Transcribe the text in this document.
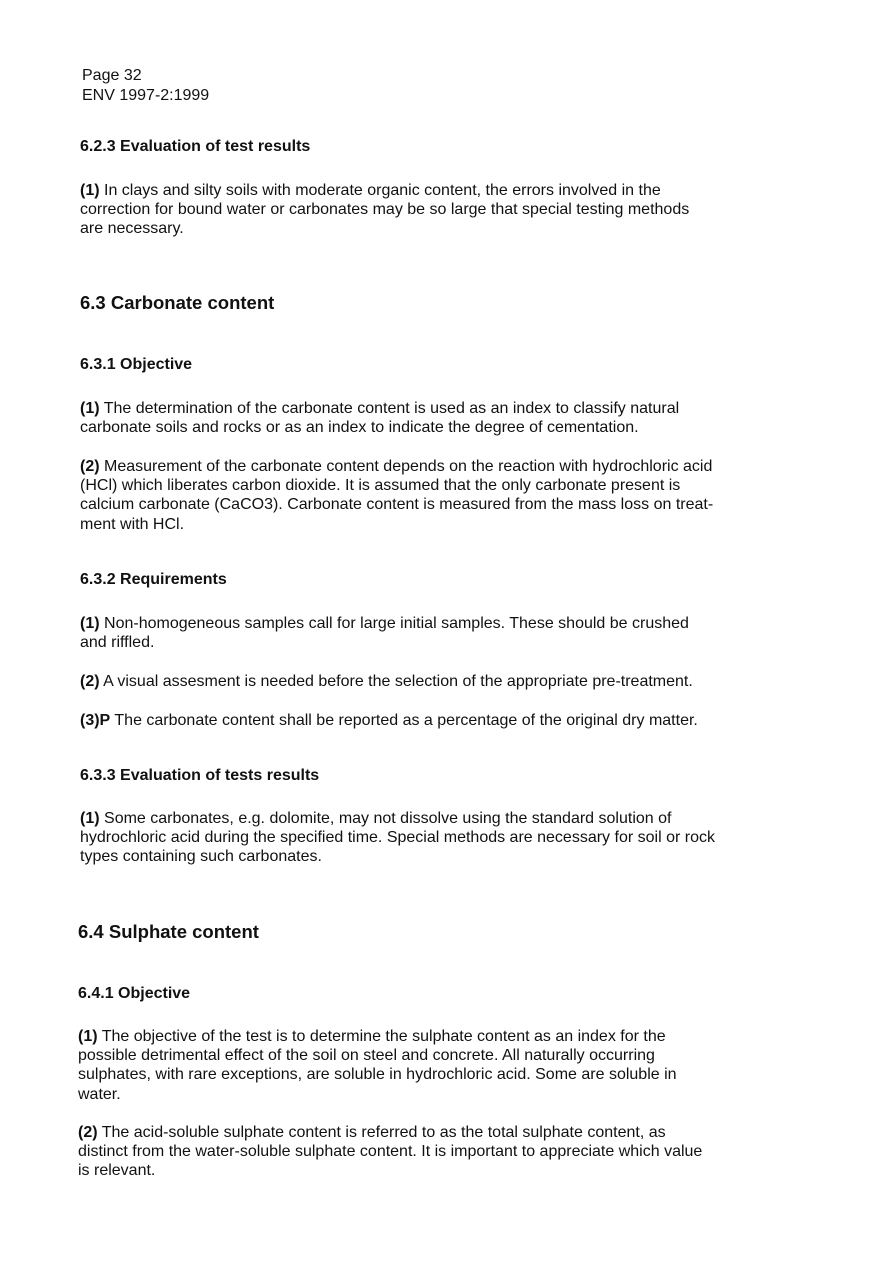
Page 32
ENV 1997-2:1999
6.2.3 Evaluation of test results
(1) In clays and silty soils with moderate organic content, the errors involved in the
correction for bound water or carbonates may be so large that special testing methods
are necessary.
6.3 Carbonate content
6.3.1 Objective
(1) The determination of the carbonate content is used as an index to classify natural
carbonate soils and rocks or as an index to indicate the degree of cementation.
(2) Measurement of the carbonate content depends on the reaction with hydrochloric acid
(HCl) which liberates carbon dioxide. It is assumed that the only carbonate present is
calcium carbonate (CaCO3). Carbonate content is measured from the mass loss on treat-
ment with HCl.
6.3.2 Requirements
(1) Non-homogeneous samples call for large initial samples. These should be crushed
and riffled.
(2) A visual assesment is needed before the selection of the appropriate pre-treatment.
(3)P The carbonate content shall be reported as a percentage of the original dry matter.
6.3.3 Evaluation of tests results
(1) Some carbonates, e.g. dolomite, may not dissolve using the standard solution of
hydrochloric acid during the specified time. Special methods are necessary for soil or rock
types containing such carbonates.
6.4 Sulphate content
6.4.1 Objective
(1) The objective of the test is to determine the sulphate content as an index for the
possible detrimental effect of the soil on steel and concrete. All naturally occurring
sulphates, with rare exceptions, are soluble in hydrochloric acid. Some are soluble in
water.
(2) The acid-soluble sulphate content is referred to as the total sulphate content, as
distinct from the water-soluble sulphate content. It is important to appreciate which value
is relevant.
